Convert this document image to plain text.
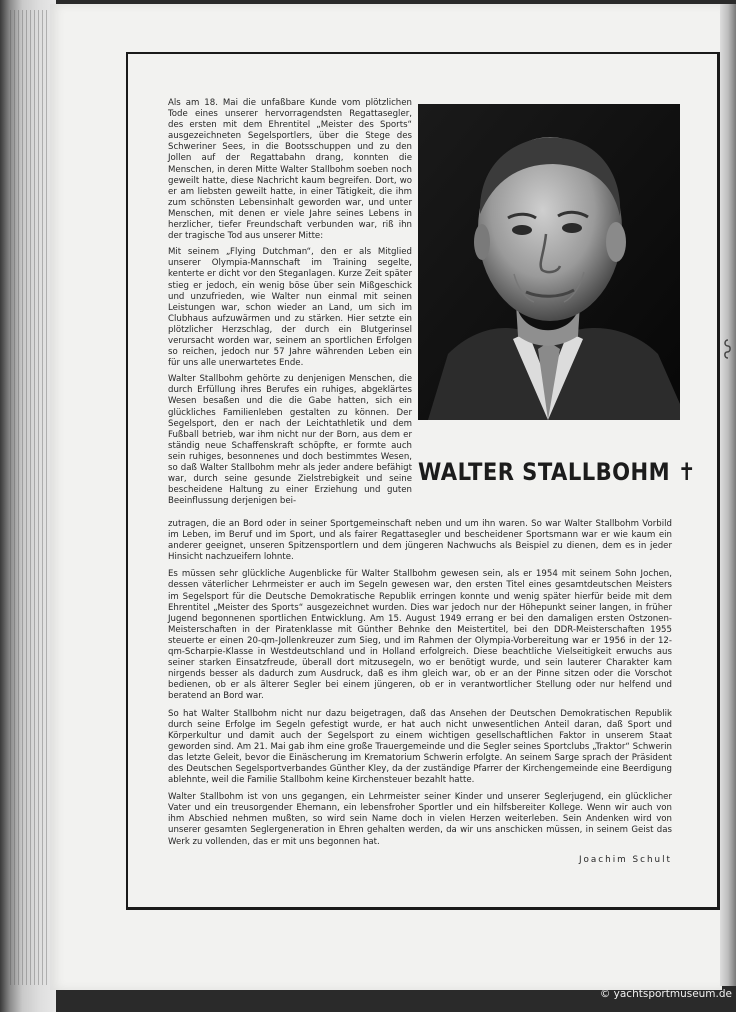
Als am 18. Mai die unfaßbare Kunde vom plötzlichen Tode eines unserer hervorragendsten Regattasegler, des ersten mit dem Ehrentitel „Meister des Sports“ ausgezeichneten Segelsportlers, über die Stege des Schweriner Sees, in die Bootsschuppen und zu den Jollen auf der Regattabahn drang, konnten die Menschen, in deren Mitte Walter Stallbohm soeben noch geweilt hatte, diese Nachricht kaum begreifen. Dort, wo er am liebsten geweilt hatte, in einer Tätigkeit, die ihm zum schönsten Lebensinhalt geworden war, und unter Menschen, mit denen er viele Jahre seines Lebens in herzlicher, tiefer Freundschaft verbunden war, riß ihn der tragische Tod aus unserer Mitte:

Mit seinem „Flying Dutchman“, den er als Mitglied unserer Olympia-Mannschaft im Training segelte, kenterte er dicht vor den Steganlagen. Kurze Zeit später stieg er jedoch, ein wenig böse über sein Mißgeschick und unzufrieden, wie Walter nun einmal mit seinen Leistungen war, schon wieder an Land, um sich im Clubhaus aufzuwärmen und zu stärken. Hier setzte ein plötzlicher Herzschlag, der durch ein Blutgerinsel verursacht worden war, seinem an sportlichen Erfolgen so reichen, jedoch nur 57 Jahre währenden Leben ein für uns alle unerwartetes Ende.

Walter Stallbohm gehörte zu denjenigen Menschen, die durch Erfüllung ihres Berufes ein ruhiges, abgeklärtes Wesen besaßen und die die Gabe hatten, sich ein glückliches Familienleben gestalten zu können. Der Segelsport, den er nach der Leichtathletik und dem Fußball betrieb, war ihm nicht nur der Born, aus dem er ständig neue Schaffenskraft schöpfte, er formte auch sein ruhiges, besonnenes und doch bestimmtes Wesen, so daß Walter Stallbohm mehr als jeder andere befähigt war, durch seine gesunde Zielstrebigkeit und seine bescheidene Haltung zu einer Erziehung und guten Beeinflussung derjenigen bei-

WALTER STALLBOHM ✝

zutragen, die an Bord oder in seiner Sportgemeinschaft neben und um ihn waren. So war Walter Stallbohm Vorbild im Leben, im Beruf und im Sport, und als fairer Regattasegler und bescheidener Sportsmann war er wie kaum ein anderer geeignet, unseren Spitzensportlern und dem jüngeren Nachwuchs als Beispiel zu dienen, dem es in jeder Hinsicht nachzueifern lohnte.

Es müssen sehr glückliche Augenblicke für Walter Stallbohm gewesen sein, als er 1954 mit seinem Sohn Jochen, dessen väterlicher Lehrmeister er auch im Segeln gewesen war, den ersten Titel eines gesamtdeutschen Meisters im Segelsport für die Deutsche Demokratische Republik erringen konnte und wenig später hierfür beide mit dem Ehrentitel „Meister des Sports“ ausgezeichnet wurden. Dies war jedoch nur der Höhepunkt seiner langen, in früher Jugend begonnenen sportlichen Entwicklung. Am 15. August 1949 errang er bei den damaligen ersten Ostzonen-Meisterschaften in der Piratenklasse mit Günther Behnke den Meistertitel, bei den DDR-Meisterschaften 1955 steuerte er einen 20-qm-Jollenkreuzer zum Sieg, und im Rahmen der Olympia-Vorbereitung war er 1956 in der 12-qm-Scharpie-Klasse in Westdeutschland und in Holland erfolgreich. Diese beachtliche Vielseitigkeit erwuchs aus seiner starken Einsatzfreude, überall dort mitzusegeln, wo er benötigt wurde, und sein lauterer Charakter kam nirgends besser als dadurch zum Ausdruck, daß es ihm gleich war, ob er an der Pinne sitzen oder die Vorschot bedienen, ob er als älterer Segler bei einem jüngeren, ob er in verantwortlicher Stellung oder nur helfend und beratend an Bord war.

So hat Walter Stallbohm nicht nur dazu beigetragen, daß das Ansehen der Deutschen Demokratischen Republik durch seine Erfolge im Segeln gefestigt wurde, er hat auch nicht unwesentlichen Anteil daran, daß Sport und Körperkultur und damit auch der Segelsport zu einem wichtigen gesellschaftlichen Faktor in unserem Staat geworden sind. Am 21. Mai gab ihm eine große Trauergemeinde und die Segler seines Sportclubs „Traktor“ Schwerin das letzte Geleit, bevor die Einäscherung im Krematorium Schwerin erfolgte. An seinem Sarge sprach der Präsident des Deutschen Segelsportverbandes Günther Kley, da der zuständige Pfarrer der Kirchengemeinde eine Beerdigung ablehnte, weil die Familie Stallbohm keine Kirchensteuer bezahlt hatte.

Walter Stallbohm ist von uns gegangen, ein Lehrmeister seiner Kinder und unserer Seglerjugend, ein glücklicher Vater und ein treusorgender Ehemann, ein lebensfroher Sportler und ein hilfsbereiter Kollege. Wenn wir auch von ihm Abschied nehmen mußten, so wird sein Name doch in vielen Herzen weiterleben. Sein Andenken wird von unserer gesamten Seglergeneration in Ehren gehalten werden, da wir uns anschicken müssen, in seinem Geist das Werk zu vollenden, das er mit uns begonnen hat.

Joachim Schult
© yachtsportmuseum.de
